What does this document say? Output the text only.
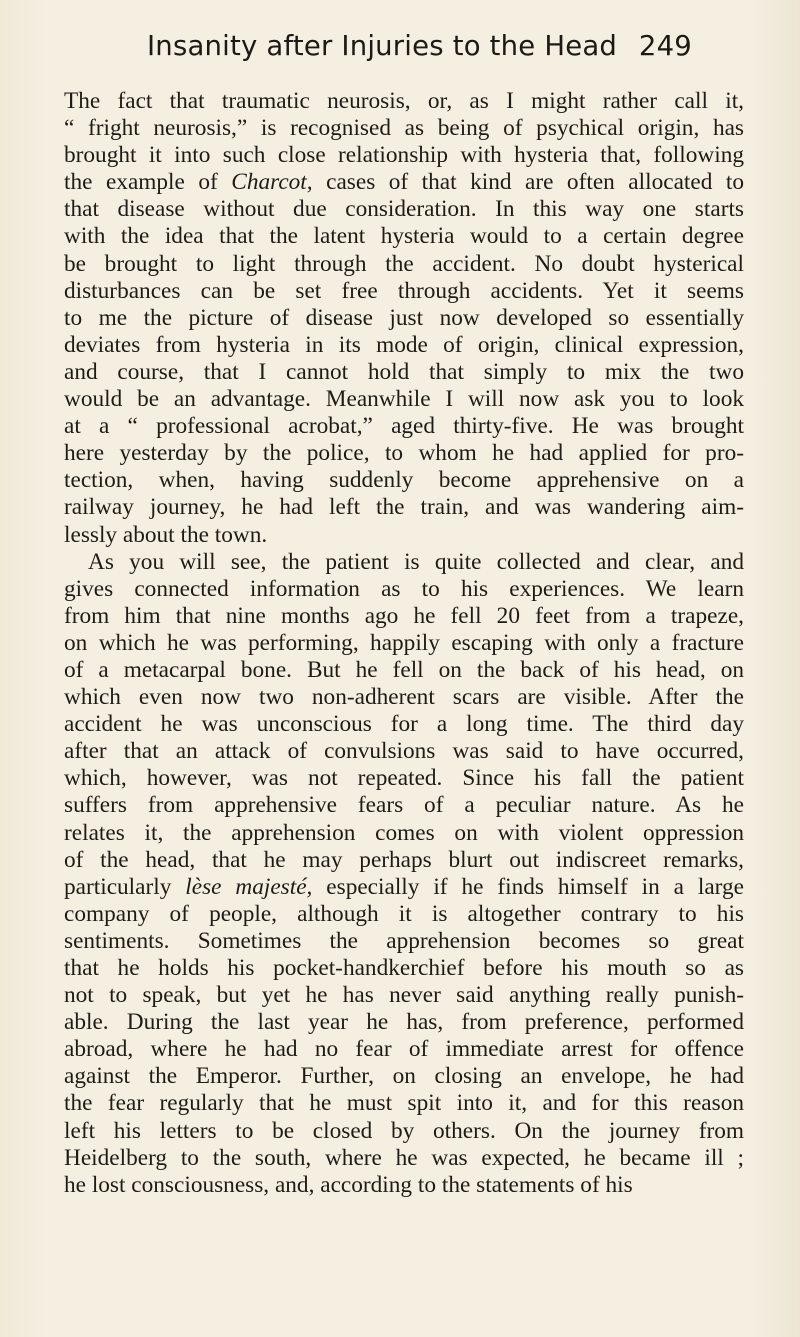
Insanity after Injuries to the Head 249
The fact that traumatic neurosis, or, as I might rather call it,
“ fright neurosis,” is recognised as being of psychical origin, has
brought it into such close relationship with hysteria that, following
the example of Charcot, cases of that kind are often allocated to
that disease without due consideration. In this way one starts
with the idea that the latent hysteria would to a certain degree
be brought to light through the accident. No doubt hysterical
disturbances can be set free through accidents. Yet it seems
to me the picture of disease just now developed so essentially
deviates from hysteria in its mode of origin, clinical expression,
and course, that I cannot hold that simply to mix the two
would be an advantage. Meanwhile I will now ask you to look
at a “ professional acrobat,” aged thirty-five. He was brought
here yesterday by the police, to whom he had applied for pro-
tection, when, having suddenly become apprehensive on a
railway journey, he had left the train, and was wandering aim-
lessly about the town.
As you will see, the patient is quite collected and clear, and
gives connected information as to his experiences. We learn
from him that nine months ago he fell 20 feet from a trapeze,
on which he was performing, happily escaping with only a fracture
of a metacarpal bone. But he fell on the back of his head, on
which even now two non-adherent scars are visible. After the
accident he was unconscious for a long time. The third day
after that an attack of convulsions was said to have occurred,
which, however, was not repeated. Since his fall the patient
suffers from apprehensive fears of a peculiar nature. As he
relates it, the apprehension comes on with violent oppression
of the head, that he may perhaps blurt out indiscreet remarks,
particularly lèse majesté, especially if he finds himself in a large
company of people, although it is altogether contrary to his
sentiments. Sometimes the apprehension becomes so great
that he holds his pocket-handkerchief before his mouth so as
not to speak, but yet he has never said anything really punish-
able. During the last year he has, from preference, performed
abroad, where he had no fear of immediate arrest for offence
against the Emperor. Further, on closing an envelope, he had
the fear regularly that he must spit into it, and for this reason
left his letters to be closed by others. On the journey from
Heidelberg to the south, where he was expected, he became ill ;
he lost consciousness, and, according to the statements of his
